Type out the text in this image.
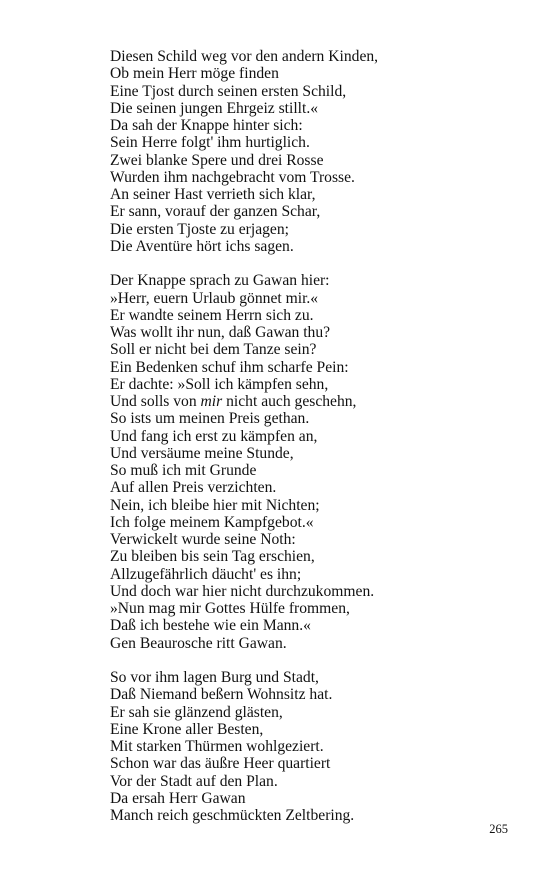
Diesen Schild weg vor den andern Kinden,
Ob mein Herr möge finden
Eine Tjost durch seinen ersten Schild,
Die seinen jungen Ehrgeiz stillt.«
Da sah der Knappe hinter sich:
Sein Herre folgt' ihm hurtiglich.
Zwei blanke Spere und drei Rosse
Wurden ihm nachgebracht vom Trosse.
An seiner Hast verrieth sich klar,
Er sann, vorauf der ganzen Schar,
Die ersten Tjoste zu erjagen;
Die Aventüre hört ichs sagen.
Der Knappe sprach zu Gawan hier:
»Herr, euern Urlaub gönnet mir.«
Er wandte seinem Herrn sich zu.
Was wollt ihr nun, daß Gawan thu?
Soll er nicht bei dem Tanze sein?
Ein Bedenken schuf ihm scharfe Pein:
Er dachte: »Soll ich kämpfen sehn,
Und solls von mir nicht auch geschehn,
So ists um meinen Preis gethan.
Und fang ich erst zu kämpfen an,
Und versäume meine Stunde,
So muß ich mit Grunde
Auf allen Preis verzichten.
Nein, ich bleibe hier mit Nichten;
Ich folge meinem Kampfgebot.«
Verwickelt wurde seine Noth:
Zu bleiben bis sein Tag erschien,
Allzugefährlich däucht' es ihn;
Und doch war hier nicht durchzukommen.
»Nun mag mir Gottes Hülfe frommen,
Daß ich bestehe wie ein Mann.«
Gen Beaurosche ritt Gawan.
So vor ihm lagen Burg und Stadt,
Daß Niemand beßern Wohnsitz hat.
Er sah sie glänzend glästen,
Eine Krone aller Besten,
Mit starken Thürmen wohlgeziert.
Schon war das äußre Heer quartiert
Vor der Stadt auf den Plan.
Da ersah Herr Gawan
Manch reich geschmückten Zeltbering.
265
